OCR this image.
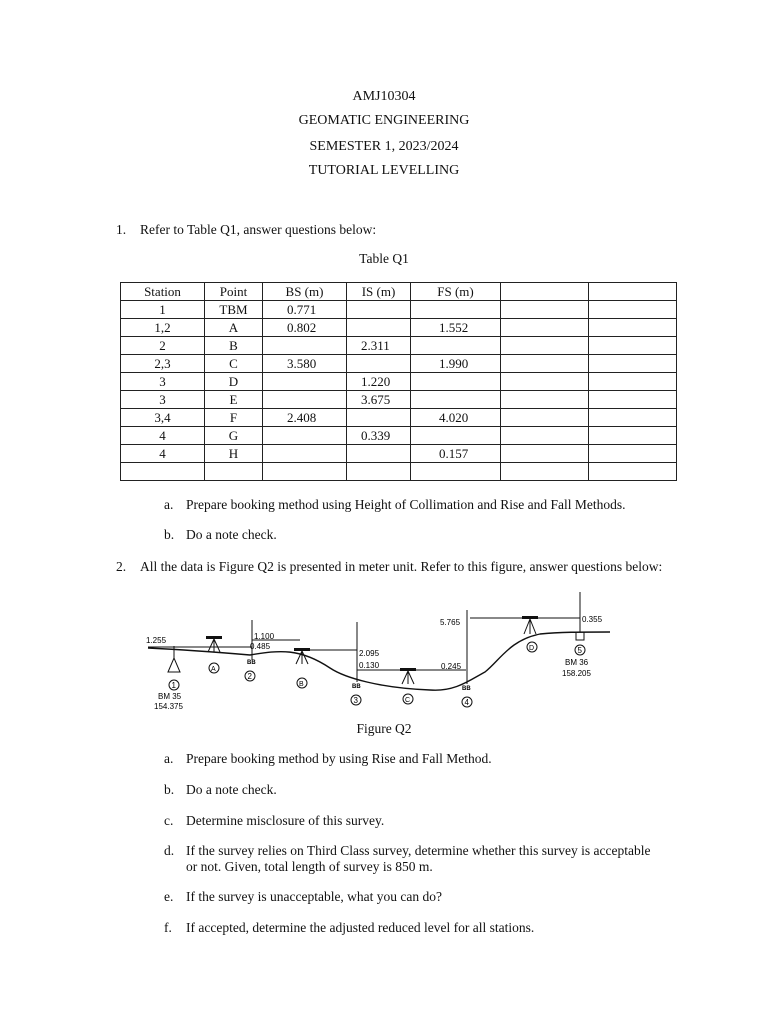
AMJ10304
GEOMATIC ENGINEERING
SEMESTER 1, 2023/2024
TUTORIAL LEVELLING
1. Refer to Table Q1, answer questions below:
Table Q1
Station	Point	BS (m)	IS (m)	FS (m)		
1	TBM	0.771				
1,2	A	0.802		1.552		
2	B		2.311			
2,3	C	3.580		1.990		
3	D		1.220			
3	E		3.675			
3,4	F	2.408		4.020		
4	G		0.339			
4	H			0.157		

a. Prepare booking method using Height of Collimation and Rise and Fall Methods.
b. Do a note check.
2. All the data is Figure Q2 is presented in meter unit. Refer to this figure, answer questions below:
BB
BB	BB
1
2
3	4
5
A
B
C
D
1.255	1.100
0.485
2.095
0.130	0.245
5.765	0.355
BM 35
154.375
BM 36
158.205
Figure Q2
a. Prepare booking method by using Rise and Fall Method.
b. Do a note check.
c. Determine misclosure of this survey.
d. If the survey relies on Third Class survey, determine whether this survey is acceptable
or not. Given, total length of survey is 850 m.
e. If the survey is unacceptable, what you can do?
f. If accepted, determine the adjusted reduced level for all stations.
